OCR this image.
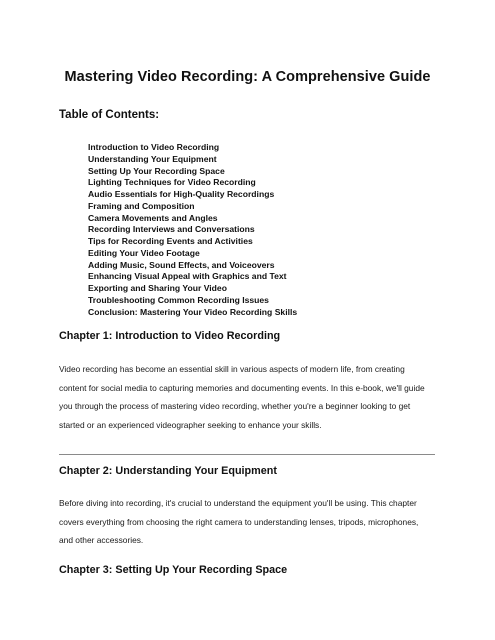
Mastering Video Recording: A Comprehensive Guide
Table of Contents:
Introduction to Video Recording
Understanding Your Equipment
Setting Up Your Recording Space
Lighting Techniques for Video Recording
Audio Essentials for High-Quality Recordings
Framing and Composition
Camera Movements and Angles
Recording Interviews and Conversations
Tips for Recording Events and Activities
Editing Your Video Footage
Adding Music, Sound Effects, and Voiceovers
Enhancing Visual Appeal with Graphics and Text
Exporting and Sharing Your Video
Troubleshooting Common Recording Issues
Conclusion: Mastering Your Video Recording Skills
Chapter 1: Introduction to Video Recording
Video recording has become an essential skill in various aspects of modern life, from creating
content for social media to capturing memories and documenting events. In this e-book, we'll guide
you through the process of mastering video recording, whether you're a beginner looking to get
started or an experienced videographer seeking to enhance your skills.
Chapter 2: Understanding Your Equipment
Before diving into recording, it's crucial to understand the equipment you'll be using. This chapter
covers everything from choosing the right camera to understanding lenses, tripods, microphones,
and other accessories.
Chapter 3: Setting Up Your Recording Space
